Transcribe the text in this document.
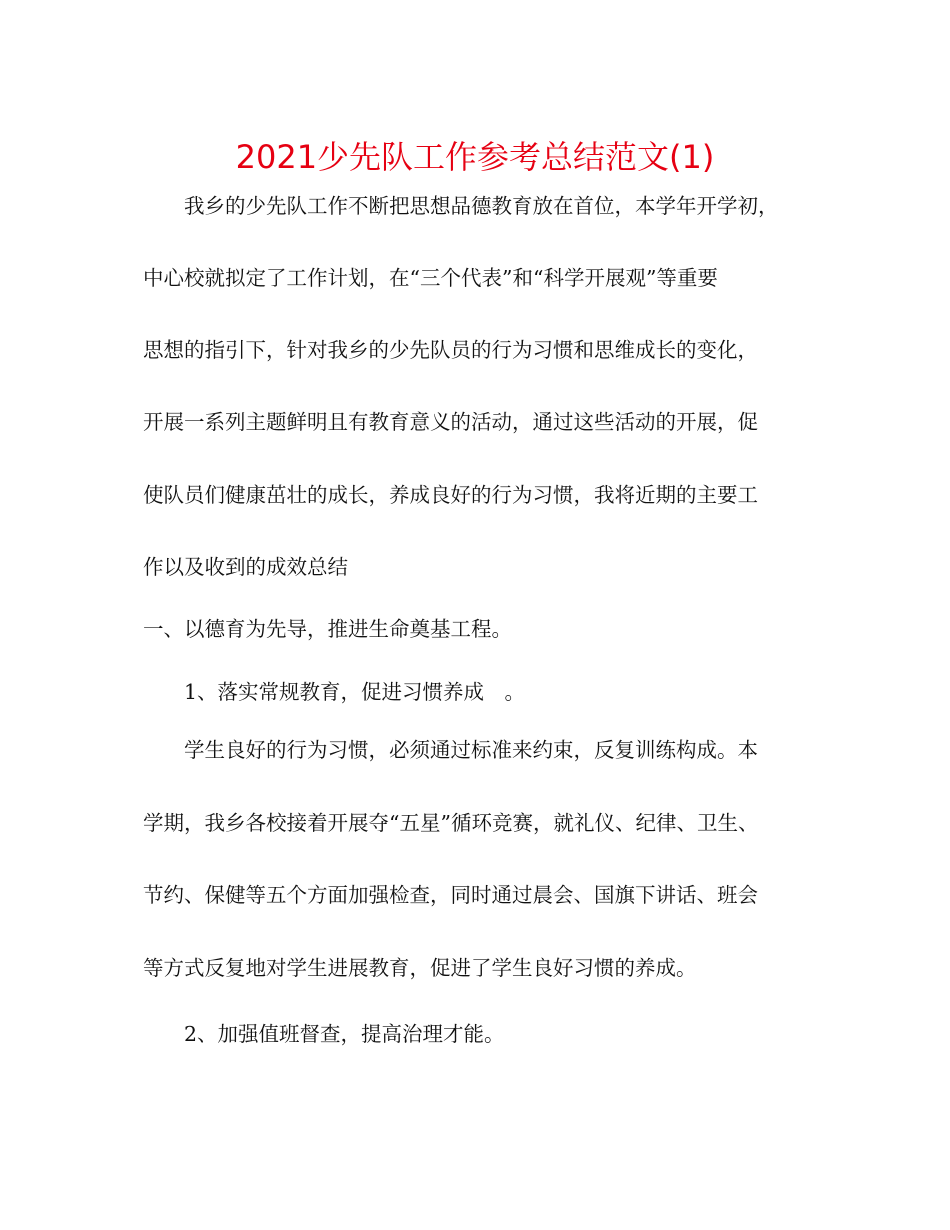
2021少先队工作参考总结范文(1)
我乡的少先队工作不断把思想品德教育放在首位，本学年开学初，
中心校就拟定了工作计划，在“三个代表”和“科学开展观”等重要
思想的指引下，针对我乡的少先队员的行为习惯和思维成长的变化，
开展一系列主题鲜明且有教育意义的活动，通过这些活动的开展，促
使队员们健康茁壮的成长，养成良好的行为习惯，我将近期的主要工
作以及收到的成效总结
一、以德育为先导，推进生命奠基工程。
1、落实常规教育，促进习惯养成　。
学生良好的行为习惯，必须通过标准来约束，反复训练构成。本
学期，我乡各校接着开展夺“五星”循环竞赛，就礼仪、纪律、卫生、
节约、保健等五个方面加强检查，同时通过晨会、国旗下讲话、班会
等方式反复地对学生进展教育，促进了学生良好习惯的养成。
2、加强值班督查，提高治理才能。
